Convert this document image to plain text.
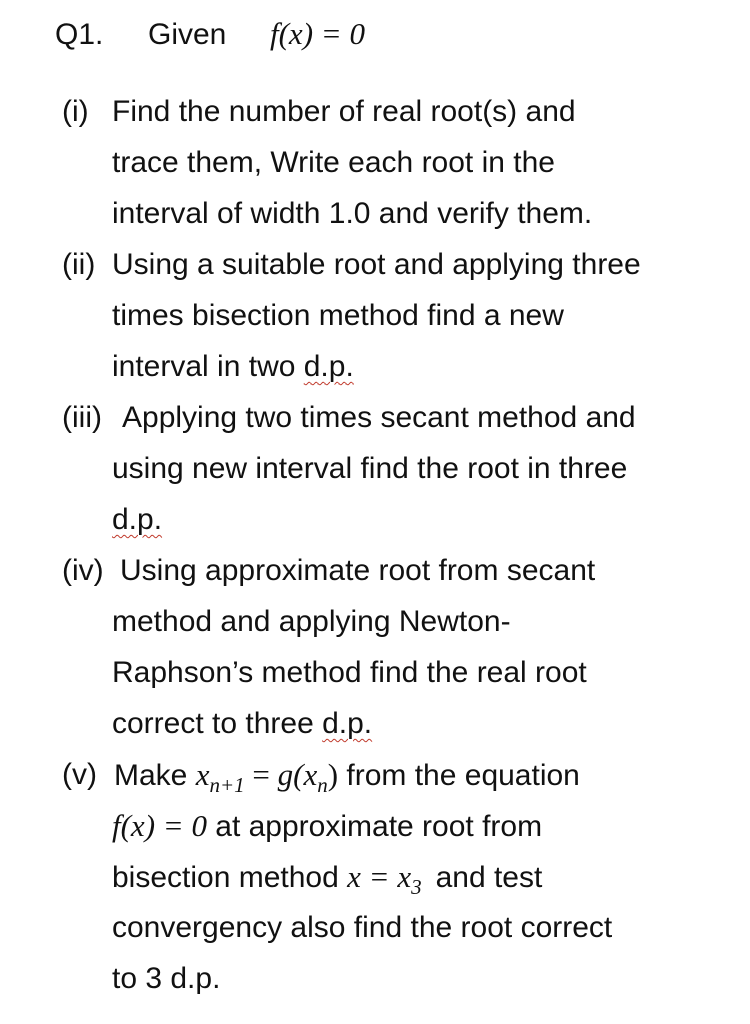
Q1. Given f(x) = 0
(i) Find the number of real root(s) and
trace them, Write each root in the
interval of width 1.0 and verify them.
(ii) Using a suitable root and applying three
times bisection method find a new
interval in two d.p.
(iii) Applying two times secant method and
using new interval find the root in three
d.p.
(iv) Using approximate root from secant
method and applying Newton-
Raphson’s method find the real root
correct to three d.p.
(v) Make $x_{n+1} = g(x_n)$ from the equation
f(x) = 0 at approximate root from
bisection method $x = x_3$ and test
convergency also find the root correct
to 3 d.p.
